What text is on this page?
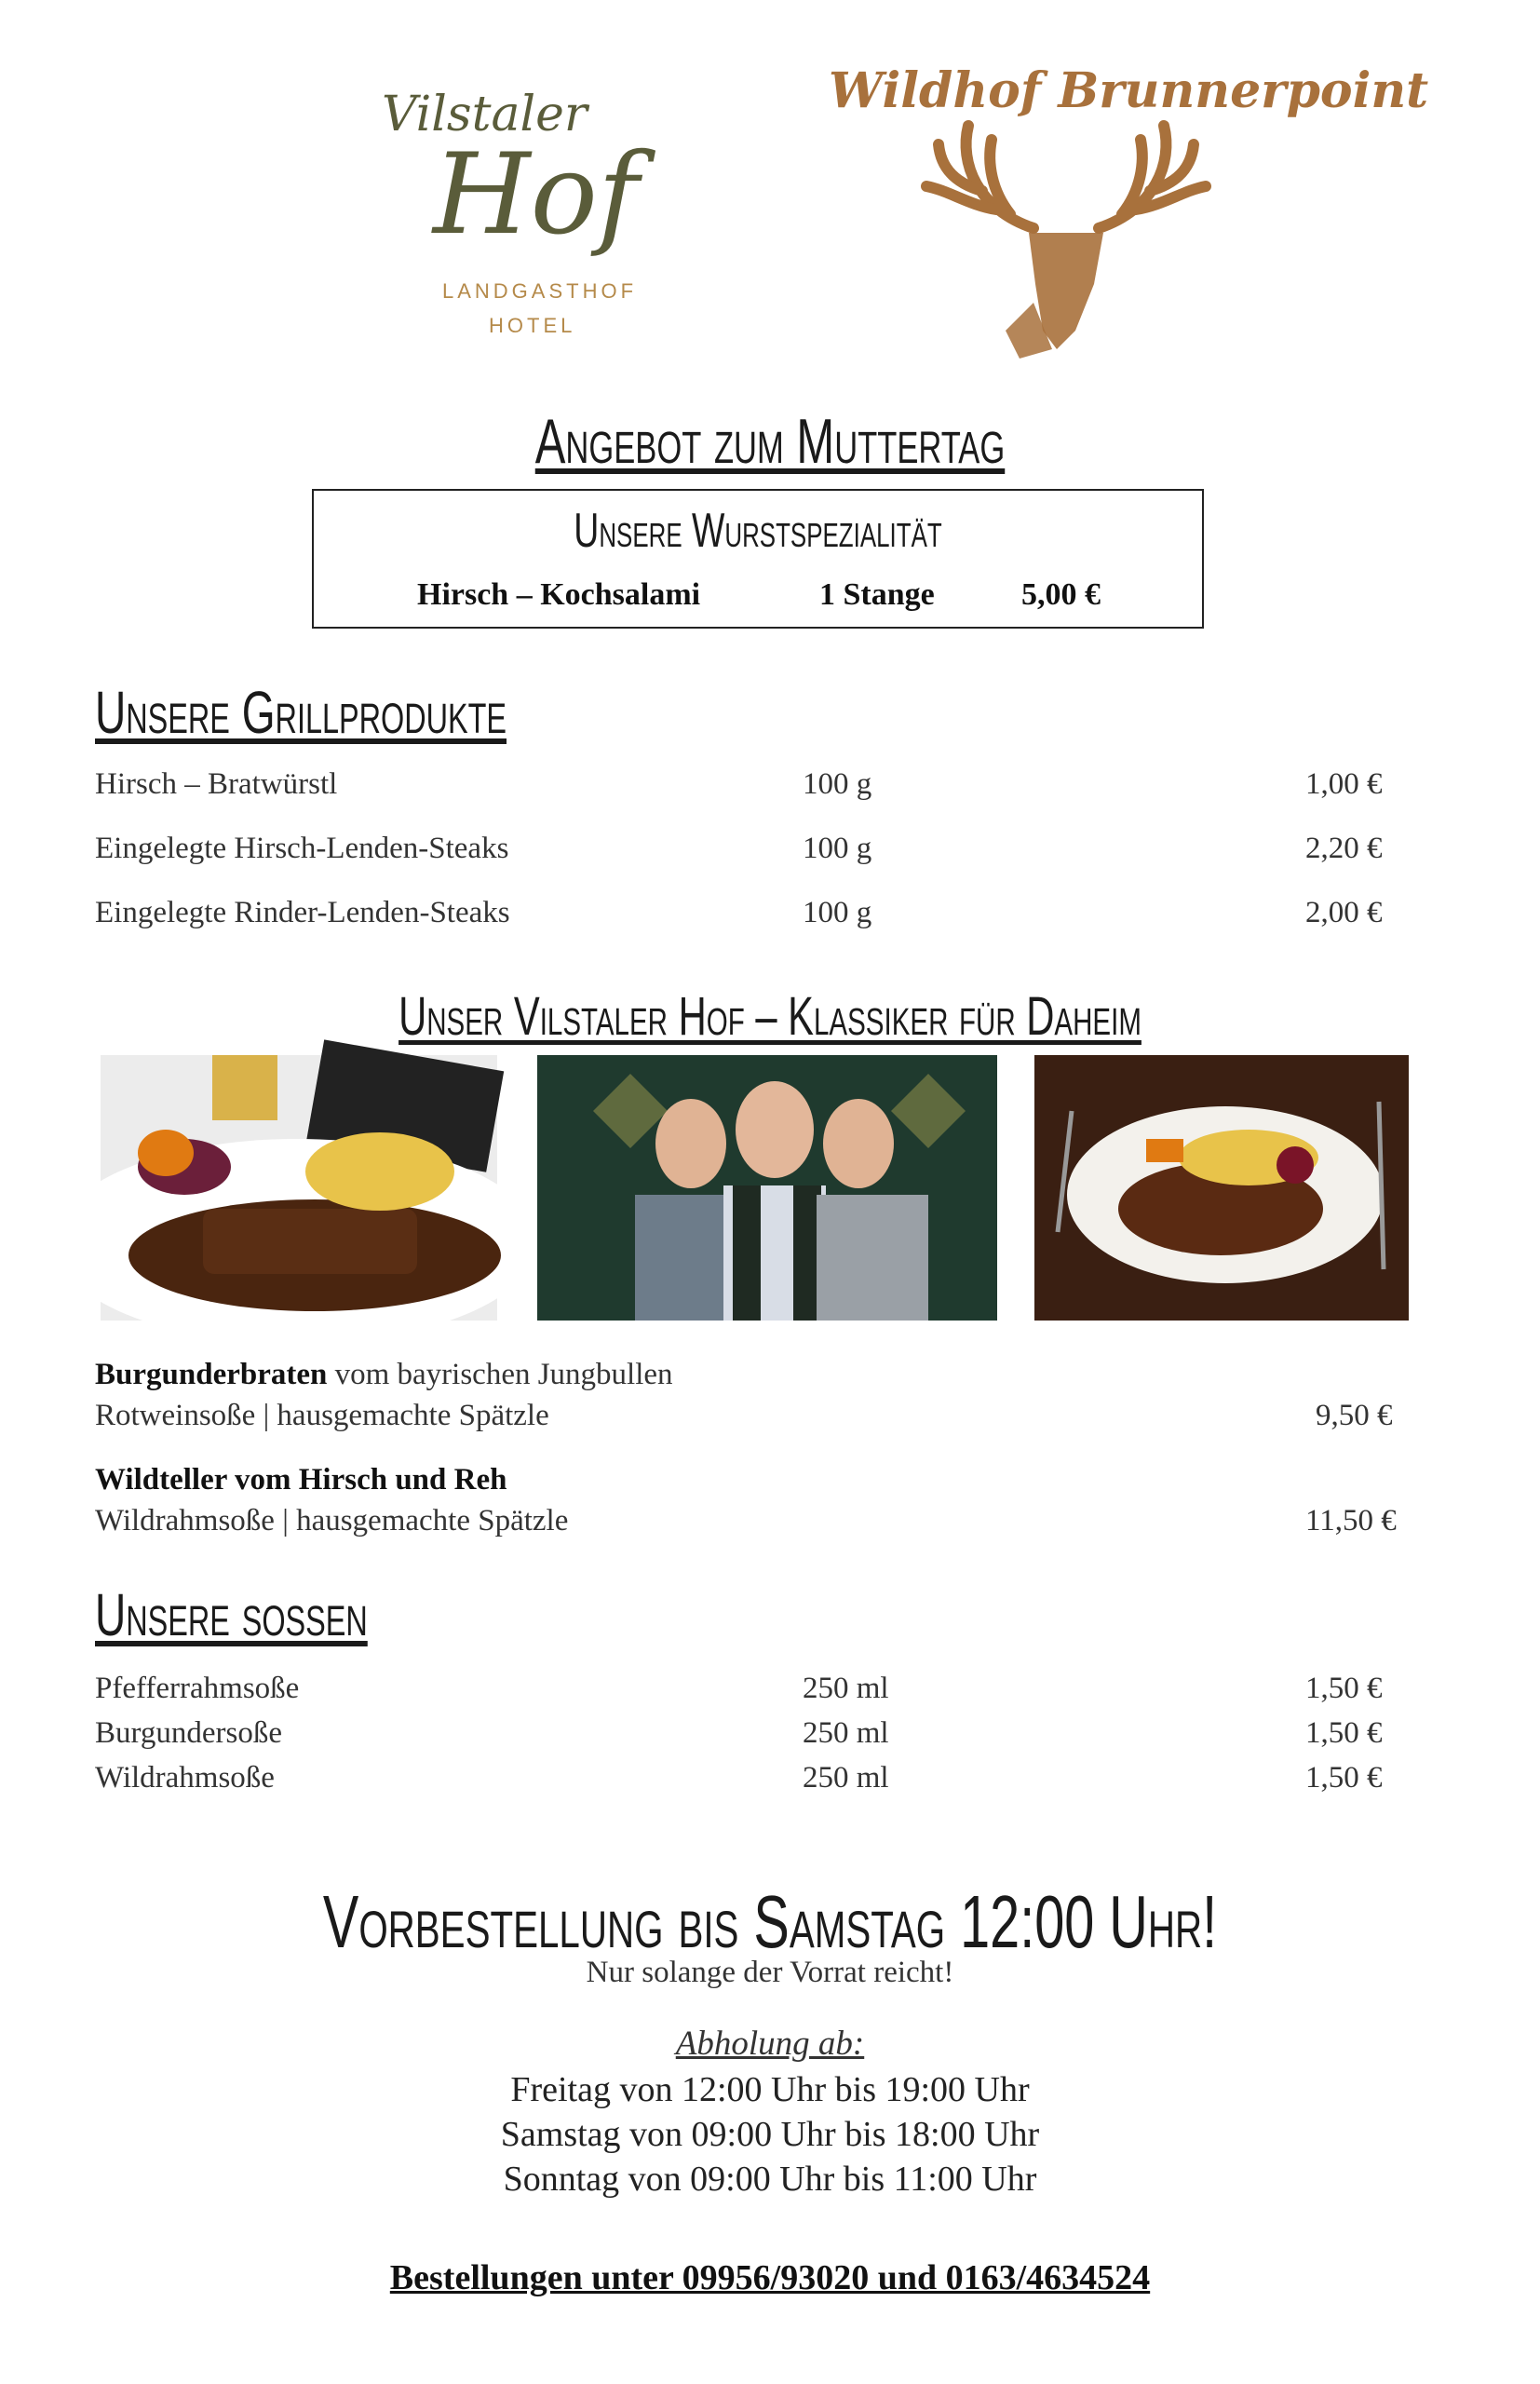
Vilstaler
Hof
LANDGASTHOF
HOTEL
Wildhof Brunnerpoint
Angebot zum Muttertag
Unsere Wurstspezialität
Hirsch – Kochsalami	1 Stange	5,00 €
Unsere Grillprodukte
Hirsch – Bratwürstl	100 g	1,00 €
Eingelegte Hirsch-Lenden-Steaks	100 g	2,20 €
Eingelegte Rinder-Lenden-Steaks	100 g	2,00 €
Unser Vilstaler Hof – Klassiker für Daheim
Burgunderbraten vom bayrischen Jungbullen
Rotweinsoße | hausgemachte Spätzle	9,50 €
Wildteller vom Hirsch und Reh
Wildrahmsoße | hausgemachte Spätzle	11,50 €
Unsere soßen
Pfefferrahmsoße	250 ml	1,50 €
Burgundersoße	250 ml	1,50 €
Wildrahmsoße	250 ml	1,50 €
Vorbestellung bis Samstag 12:00 Uhr!
Nur solange der Vorrat reicht!
Abholung ab:
Freitag von 12:00 Uhr bis 19:00 Uhr
Samstag von 09:00 Uhr bis 18:00 Uhr
Sonntag von 09:00 Uhr bis 11:00 Uhr
Bestellungen unter 09956/93020 und 0163/4634524
